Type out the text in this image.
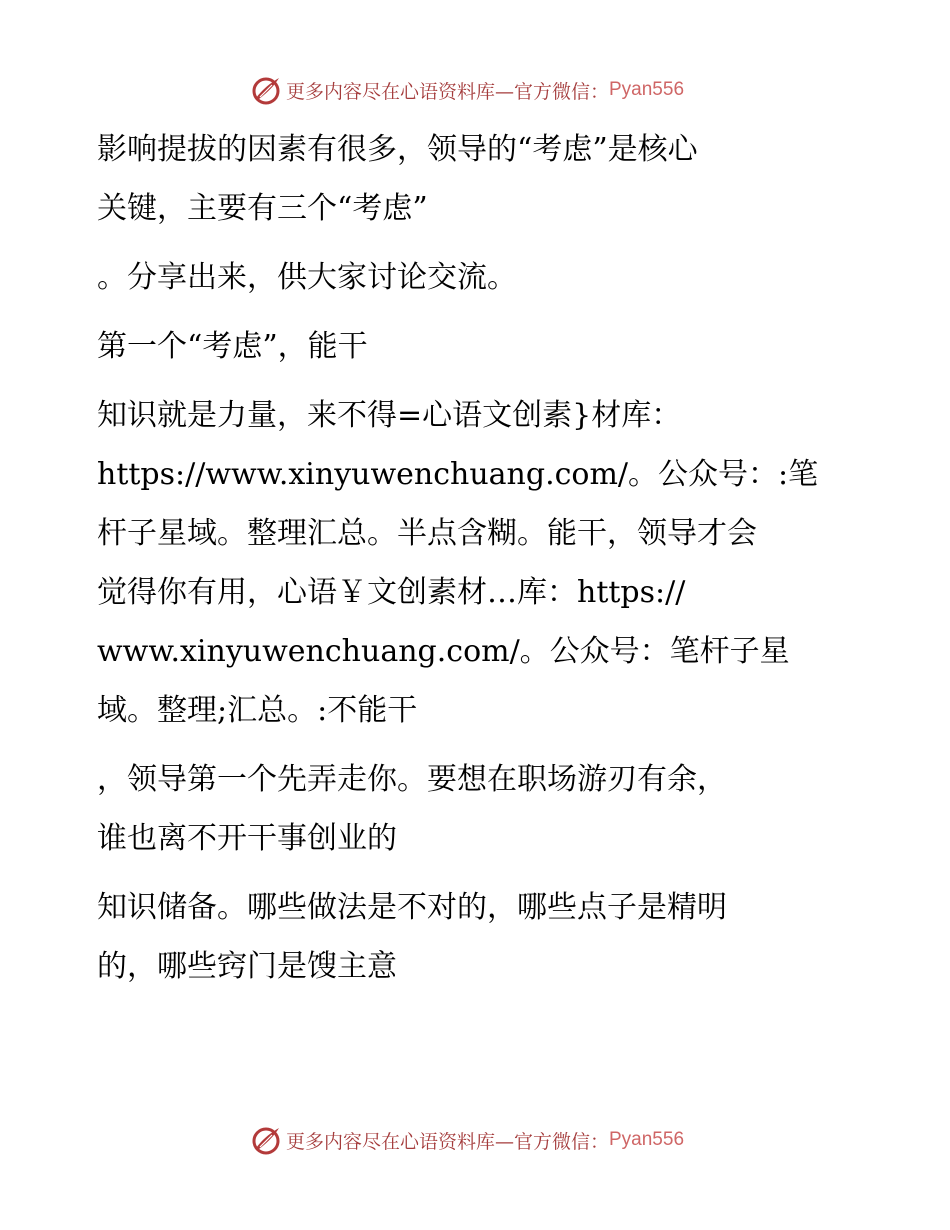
更多内容尽在心语资料库—官方微信： Pyan556

影响提拔的因素有很多，领导的“考虑”是核心
关键，主要有三个“考虑”

。分享出来，供大家讨论交流。

第一个“考虑”，能干

知识就是力量，来不得=心语文创素}材库：
https://www.xinyuwenchuang.com/。公众号：:笔
杆子星域。整理汇总。半点含糊。能干，领导才会
觉得你有用，心语￥文创素材…库：https://
www.xinyuwenchuang.com/。公众号：笔杆子星
域。整理;汇总。:不能干

，领导第一个先弄走你。要想在职场游刃有余，
谁也离不开干事创业的

知识储备。哪些做法是不对的，哪些点子是精明
的，哪些窍门是馊主意

更多内容尽在心语资料库—官方微信： Pyan556
